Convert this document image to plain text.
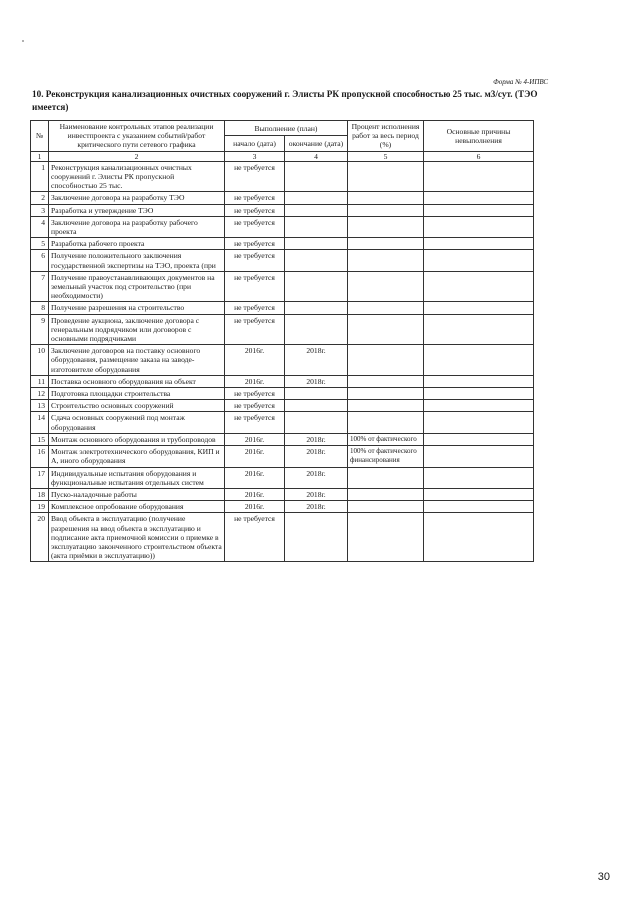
Форма № 4-ИПВС
10. Реконструкция канализационных очистных сооружений г. Элисты РК пропускной способностью 25 тыс. м3/сут. (ТЭО имеется)
№	Наименование контрольных этапов реализации инвестпроекта с указанием событий/работ критического пути сетевого графика	Выполнение (план)		Процент исполнения работ за весь период (%)	Основные причины невыполнения
		начало (дата)	окончание (дата)		
1	2	3	4	5	6
1	Реконструкция канализационных очистных сооружений г. Элисты РК пропускной способностью 25 тыс.	не требуется			
2	Заключение договора на разработку ТЭО	не требуется			
3	Разработка и утверждение ТЭО	не требуется			
4	Заключение договора на разработку рабочего проекта	не требуется			
5	Разработка рабочего проекта	не требуется			
6	Получение положительного заключения государственной экспертизы на ТЭО, проекта (при	не требуется			
7	Получение правоустанавливающих документов на земельный участок под строительство (при необходимости)	не требуется			
8	Получение разрешения на строительство	не требуется			
9	Проведение аукциона, заключение договора с генеральным подрядчиком или договоров с основными подрядчиками	не требуется			
10	Заключение договоров на поставку основного оборудования, размещение заказа на заводе-изготовителе оборудования	2016г.	2018г.		
11	Поставка основного оборудования на объект	2016г.	2018г.		
12	Подготовка площадки строительства	не требуется			
13	Строительство основных сооружений	не требуется			
14	Сдача основных сооружений под монтаж оборудования	не требуется			
15	Монтаж основного оборудования и трубопроводов	2016г.	2018г.	100% от фактического	
16	Монтаж электротехнического оборудования, КИП и А, иного оборудования	2016г.	2018г.	100% от фактического финансирования	
17	Индивидуальные испытания оборудования и функциональные испытания отдельных систем	2016г.	2018г.		
18	Пуско-наладочные работы	2016г.	2018г.		
19	Комплексное опробование оборудования	2016г.	2018г.		
20	Ввод объекта в эксплуатацию (получение разрешения на ввод объекта в эксплуатацию и подписание акта приемочной комиссии о приемке в эксплуатацию законченного строительством объекта (акта приёмки в эксплуатацию))	не требуется			
30
